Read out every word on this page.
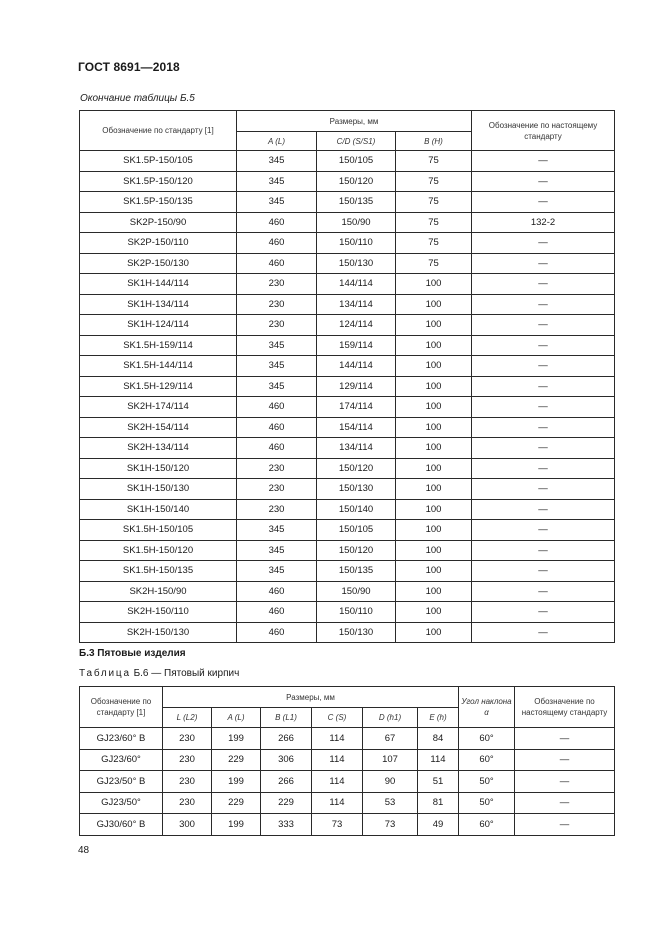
ГОСТ 8691—2018
Окончание таблицы Б.5
Обозначение по стандарту [1]	Размеры, мм			Обозначение по настоящему стандарту
	A (L)	C/D (S/S1)	B (H)	
SK1.5P-150/105	345	150/105	75	—
SK1.5P-150/120	345	150/120	75	—
SK1.5P-150/135	345	150/135	75	—
SK2P-150/90	460	150/90	75	132-2
SK2P-150/110	460	150/110	75	—
SK2P-150/130	460	150/130	75	—
SK1H-144/114	230	144/114	100	—
SK1H-134/114	230	134/114	100	—
SK1H-124/114	230	124/114	100	—
SK1.5H-159/114	345	159/114	100	—
SK1.5H-144/114	345	144/114	100	—
SK1.5H-129/114	345	129/114	100	—
SK2H-174/114	460	174/114	100	—
SK2H-154/114	460	154/114	100	—
SK2H-134/114	460	134/114	100	—
SK1H-150/120	230	150/120	100	—
SK1H-150/130	230	150/130	100	—
SK1H-150/140	230	150/140	100	—
SK1.5H-150/105	345	150/105	100	—
SK1.5H-150/120	345	150/120	100	—
SK1.5H-150/135	345	150/135	100	—
SK2H-150/90	460	150/90	100	—
SK2H-150/110	460	150/110	100	—
SK2H-150/130	460	150/130	100	—
Б.3 Пятовые изделия
Таблица Б.6 — Пятовый кирпич
Обозначение по стандарту [1]	Размеры, мм						Угол наклона α	Обозначение по настоящему стандарту
	L (L2)	A (L)	B (L1)	C (S)	D (h1)	E (h)		
GJ23/60° B	230	199	266	114	67	84	60°	—
GJ23/60°	230	229	306	114	107	114	60°	—
GJ23/50° B	230	199	266	114	90	51	50°	—
GJ23/50°	230	229	229	114	53	81	50°	—
GJ30/60° B	300	199	333	73	73	49	60°	—
48
